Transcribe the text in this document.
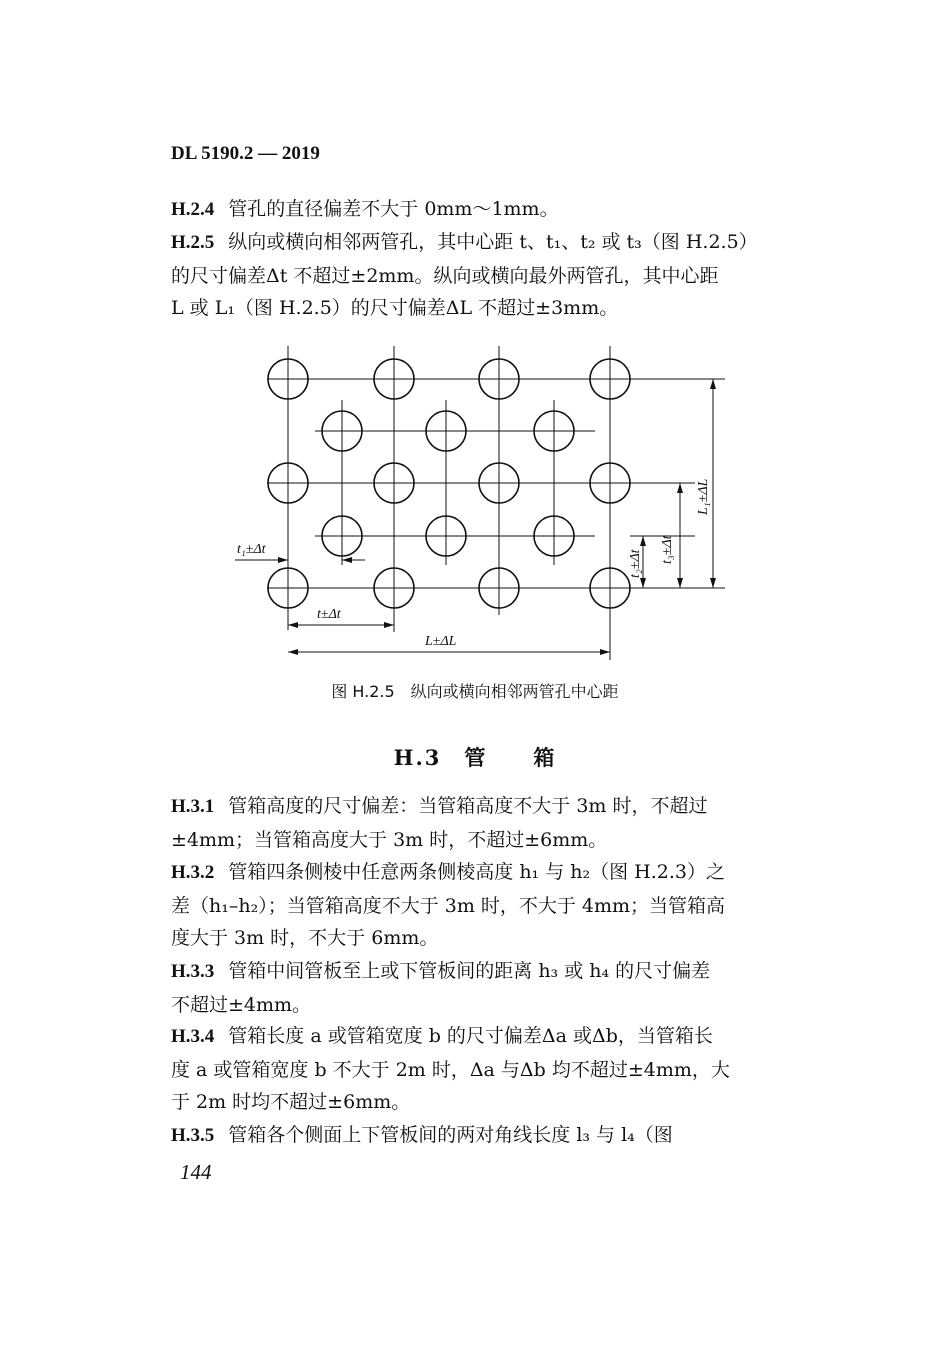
DL 5190.2 — 2019
H.2.4 管孔的直径偏差不大于 0mm～1mm。
H.2.5 纵向或横向相邻两管孔，其中心距 t、t₁、t₂ 或 t₃（图 H.2.5）
的尺寸偏差Δt 不超过±2mm。纵向或横向最外两管孔，其中心距
L 或 L₁（图 H.2.5）的尺寸偏差ΔL 不超过±3mm。
t₁±Δt
t±Δt
L±ΔL
t₂±Δt t₃±Δt
L₁±ΔL
图 H.2.5　纵向或横向相邻两管孔中心距
H.3　管　　箱
H.3.1 管箱高度的尺寸偏差：当管箱高度不大于 3m 时，不超过
±4mm；当管箱高度大于 3m 时，不超过±6mm。
H.3.2 管箱四条侧棱中任意两条侧棱高度 h₁ 与 h₂（图 H.2.3）之
差（h₁–h₂）；当管箱高度不大于 3m 时，不大于 4mm；当管箱高
度大于 3m 时，不大于 6mm。
H.3.3 管箱中间管板至上或下管板间的距离 h₃ 或 h₄ 的尺寸偏差
不超过±4mm。
H.3.4 管箱长度 a 或管箱宽度 b 的尺寸偏差Δa 或Δb，当管箱长
度 a 或管箱宽度 b 不大于 2m 时，Δa 与Δb 均不超过±4mm，大
于 2m 时均不超过±6mm。
H.3.5 管箱各个侧面上下管板间的两对角线长度 l₃ 与 l₄（图
144
